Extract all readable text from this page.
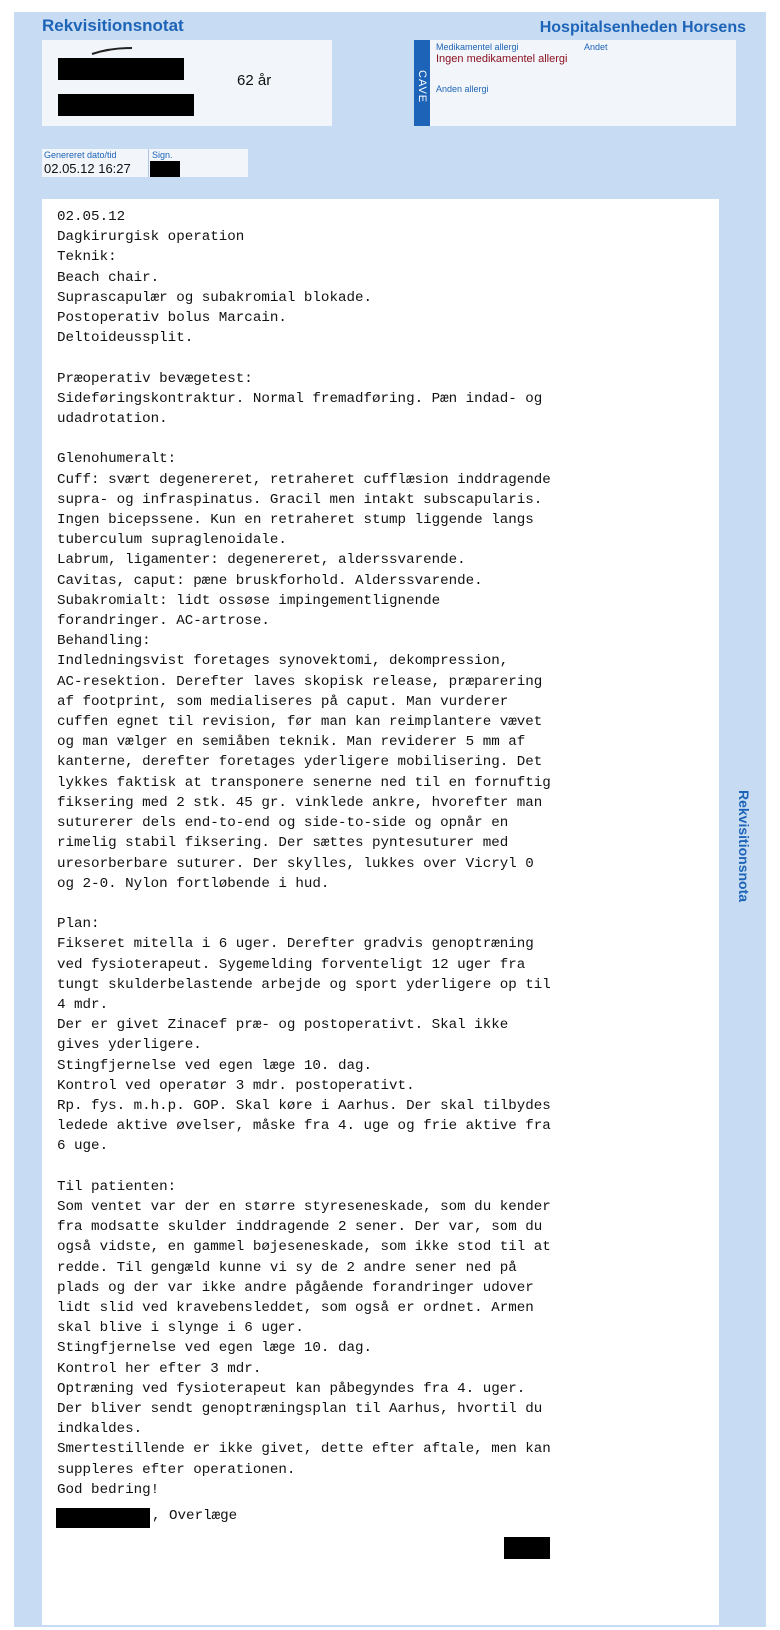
Rekvisitionsnotat	Hospitalsenheden Horsens
62 år	CAVE
Medikamentel allergi
Ingen medikamentel allergi
Andet
Anden allergi
Genereret dato/tid
02.05.12 16:27
Sign.
02.05.12
Dagkirurgisk operation
Teknik:
Beach chair.
Suprascapulær og subakromial blokade.
Postoperativ bolus Marcain.
Deltoideussplit.

Præoperativ bevægetest:
Sideføringskontraktur. Normal fremadføring. Pæn indad- og
udadrotation.

Glenohumeralt:
Cuff: svært degenereret, retraheret cufflæsion inddragende
supra- og infraspinatus. Gracil men intakt subscapularis.
Ingen bicepssene. Kun en retraheret stump liggende langs
tuberculum supraglenoidale.
Labrum, ligamenter: degenereret, alderssvarende.
Cavitas, caput: pæne bruskforhold. Alderssvarende.
Subakromialt: lidt ossøse impingementlignende
forandringer. AC-artrose.
Behandling:
Indledningsvist foretages synovektomi, dekompression,
AC-resektion. Derefter laves skopisk release, præparering
af footprint, som medialiseres på caput. Man vurderer
cuffen egnet til revision, før man kan reimplantere vævet
og man vælger en semiåben teknik. Man reviderer 5 mm af
kanterne, derefter foretages yderligere mobilisering. Det
lykkes faktisk at transponere senerne ned til en fornuftig
fiksering med 2 stk. 45 gr. vinklede ankre, hvorefter man
suturerer dels end-to-end og side-to-side og opnår en
rimelig stabil fiksering. Der sættes pyntesuturer med
uresorberbare suturer. Der skylles, lukkes over Vicryl 0
og 2-0. Nylon fortløbende i hud.

Plan:
Fikseret mitella i 6 uger. Derefter gradvis genoptræning
ved fysioterapeut. Sygemelding forventeligt 12 uger fra
tungt skulderbelastende arbejde og sport yderligere op til
4 mdr.
Der er givet Zinacef præ- og postoperativt. Skal ikke
gives yderligere.
Stingfjernelse ved egen læge 10. dag.
Kontrol ved operatør 3 mdr. postoperativt.
Rp. fys. m.h.p. GOP. Skal køre i Aarhus. Der skal tilbydes
ledede aktive øvelser, måske fra 4. uge og frie aktive fra
6 uge.

Til patienten:
Som ventet var der en større styreseneskade, som du kender
fra modsatte skulder inddragende 2 sener. Der var, som du
også vidste, en gammel bøjeseneskade, som ikke stod til at
redde. Til gengæld kunne vi sy de 2 andre sener ned på
plads og der var ikke andre pågående forandringer udover
lidt slid ved kravebensleddet, som også er ordnet. Armen
skal blive i slynge i 6 uger.
Stingfjernelse ved egen læge 10. dag.
Kontrol her efter 3 mdr.
Optræning ved fysioterapeut kan påbegyndes fra 4. uger.
Der bliver sendt genoptræningsplan til Aarhus, hvortil du
indkaldes.
Smertestillende er ikke givet, dette efter aftale, men kan
suppleres efter operationen.
God bedring!

, Overlæge
Rekvisitionsnota
